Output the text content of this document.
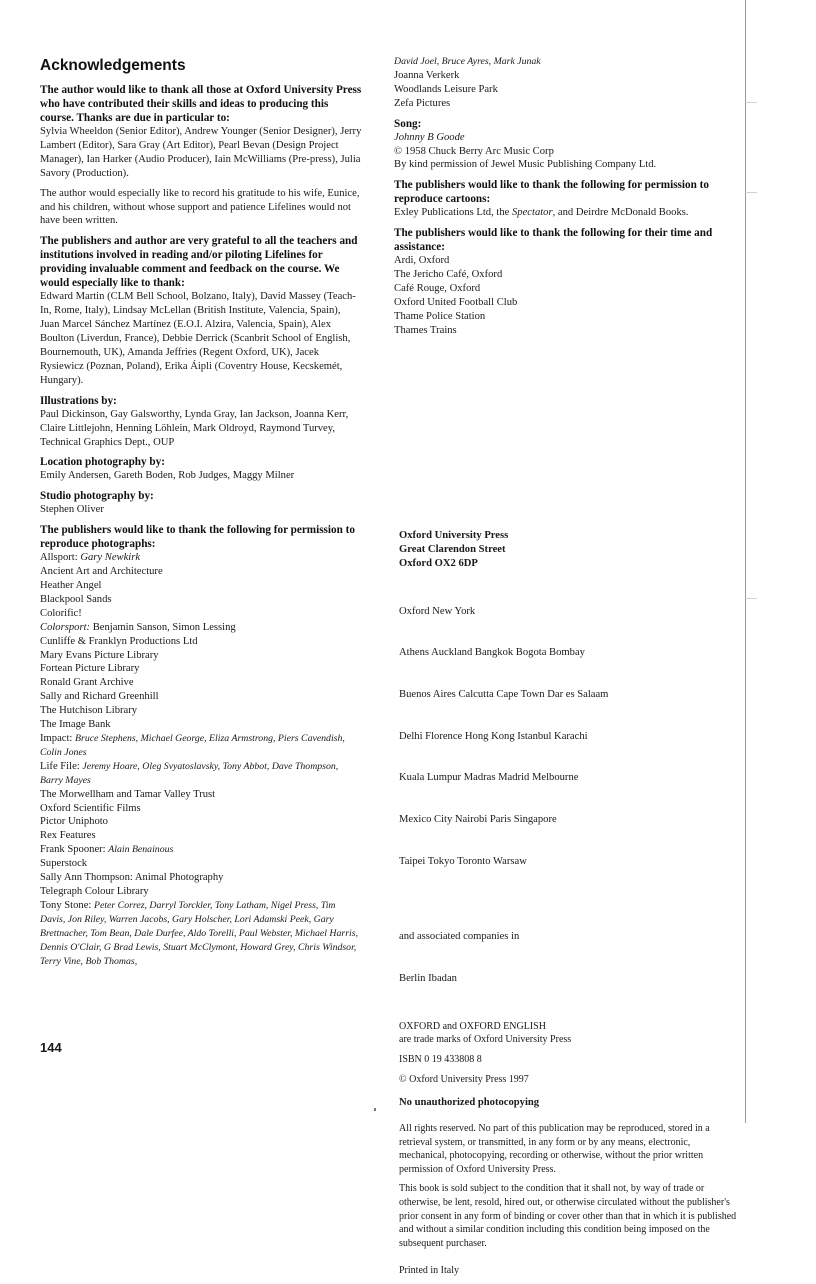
Acknowledgements

The author would like to thank all those at Oxford University Press who have contributed their skills and ideas to producing this course. Thanks are due in particular to:

Sylvia Wheeldon (Senior Editor), Andrew Younger (Senior Designer), Jerry Lambert (Editor), Sara Gray (Art Editor), Pearl Bevan (Design Project Manager), Ian Harker (Audio Producer), Iain McWilliams (Pre-press), Julia Savory (Production).
The author would especially like to record his gratitude to his wife, Eunice, and his children, without whose support and patience Lifelines would not have been written.

The publishers and author are very grateful to all the teachers and institutions involved in reading and/or piloting Lifelines for providing invaluable comment and feedback on the course. We would especially like to thank:

Edward Martin (CLM Bell School, Bolzano, Italy), David Massey (Teach-In, Rome, Italy), Lindsay McLellan (British Institute, Valencia, Spain), Juan Marcel Sánchez Martínez (E.O.I. Alzira, Valencia, Spain), Alex Boulton (Liverdun, France), Debbie Derrick (Scanbrit School of English, Bournemouth, UK), Amanda Jeffries (Regent Oxford, UK), Jacek Rysiewicz (Poznan, Poland), Erika Áipli (Coventry House, Kecskemét, Hungary).

Illustrations by:

Paul Dickinson, Gay Galsworthy, Lynda Gray, Ian Jackson, Joanna Kerr, Claire Littlejohn, Henning Löhlein, Mark Oldroyd, Raymond Turvey, Technical Graphics Dept., OUP

Location photography by:

Emily Andersen, Gareth Boden, Rob Judges, Maggy Milner

Studio photography by:

Stephen Oliver

The publishers would like to thank the following for permission to reproduce photographs:

Allsport: Gary Newkirk
Ancient Art and Architecture
Heather Angel
Blackpool Sands
Colorific!
Colorsport: Benjamin Sanson, Simon Lessing
Cunliffe & Franklyn Productions Ltd
Mary Evans Picture Library
Fortean Picture Library
Ronald Grant Archive
Sally and Richard Greenhill
The Hutchison Library
The Image Bank
Impact: Bruce Stephens, Michael George, Eliza Armstrong, Piers Cavendish, Colin Jones
Life File: Jeremy Hoare, Oleg Svyatoslavsky, Tony Abbot, Dave Thompson, Barry Mayes
The Morwellham and Tamar Valley Trust
Oxford Scientific Films
Pictor Uniphoto
Rex Features
Frank Spooner: Alain Benainous
Superstock
Sally Ann Thompson: Animal Photography
Telegraph Colour Library
Tony Stone: Peter Correz, Darryl Torckler, Tony Latham, Nigel Press, Tim Davis, Jon Riley, Warren Jacobs, Gary Holscher, Lori Adamski Peek, Gary Brettnacher, Tom Bean, Dale Durfee, Aldo Torelli, Paul Webster, Michael Harris, Dennis O'Clair, G Brad Lewis, Stuart McClymont, Howard Grey, Chris Windsor, Terry Vine, Bob Thomas,
David Joel, Bruce Ayres, Mark Junak
Joanna Verkerk
Woodlands Leisure Park
Zefa Pictures

Song:

Johnny B Goode
© 1958 Chuck Berry Arc Music Corp
By kind permission of Jewel Music Publishing Company Ltd.

The publishers would like to thank the following for permission to reproduce cartoons:

Exley Publications Ltd, the Spectator, and Deirdre McDonald Books.

The publishers would like to thank the following for their time and assistance:

Ardi, Oxford
The Jericho Café, Oxford
Café Rouge, Oxford
Oxford United Football Club
Thame Police Station
Thames Trains
Oxford University Press
Great Clarendon Street
Oxford OX2 6DP

Oxford New York

Athens Auckland Bangkok Bogota Bombay

Buenos Aires Calcutta Cape Town Dar es Salaam

Delhi Florence Hong Kong Istanbul Karachi

Kuala Lumpur Madras Madrid Melbourne

Mexico City Nairobi Paris Singapore

Taipei Tokyo Toronto Warsaw

and associated companies in

Berlin Ibadan

OXFORD and OXFORD ENGLISH
are trade marks of Oxford University Press
ISBN 0 19 433808 8
© Oxford University Press 1997
No unauthorized photocopying
All rights reserved. No part of this publication may be reproduced, stored in a retrieval system, or transmitted, in any form or by any means, electronic, mechanical, photocopying, recording or otherwise, without the prior written permission of Oxford University Press.
This book is sold subject to the condition that it shall not, by way of trade or otherwise, be lent, resold, hired out, or otherwise circulated without the publisher's prior consent in any form of binding or cover other than that in which it is published and without a similar condition including this condition being imposed on the subsequent purchaser.
Printed in Italy
144
